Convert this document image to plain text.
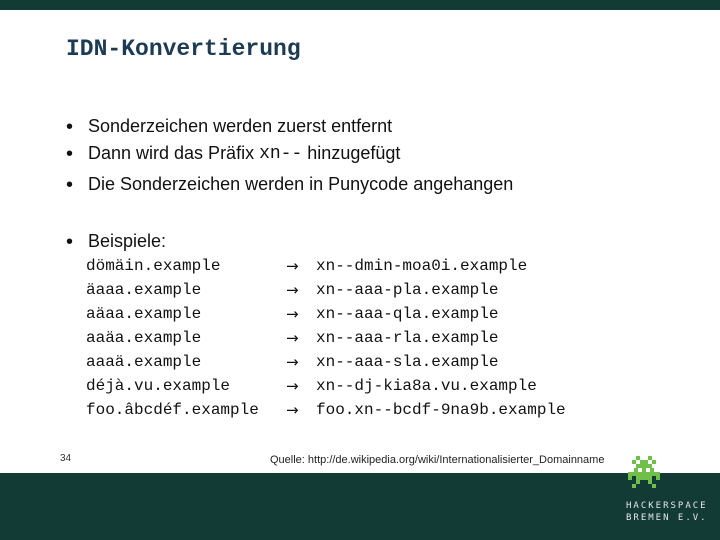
IDN-Konvertierung
• Sonderzeichen werden zuerst entfernt
• Dann wird das Präfix xn-- hinzugefügt
• Die Sonderzeichen werden in Punycode angehangen
• Beispiele:
dömäin.example	→	xn--dmin-moa0i.example
äaaa.example	→	xn--aaa-pla.example
aäaa.example	→	xn--aaa-qla.example
aaäa.example	→	xn--aaa-rla.example
aaaä.example	→	xn--aaa-sla.example
déjà.vu.example	→	xn--dj-kia8a.vu.example
foo.âbcdéf.example	→	foo.xn--bcdf-9na9b.example
34	Quelle: http://de.wikipedia.org/wiki/Internationalisierter_Domainname
HACKERSPACE
BREMEN E.V.
